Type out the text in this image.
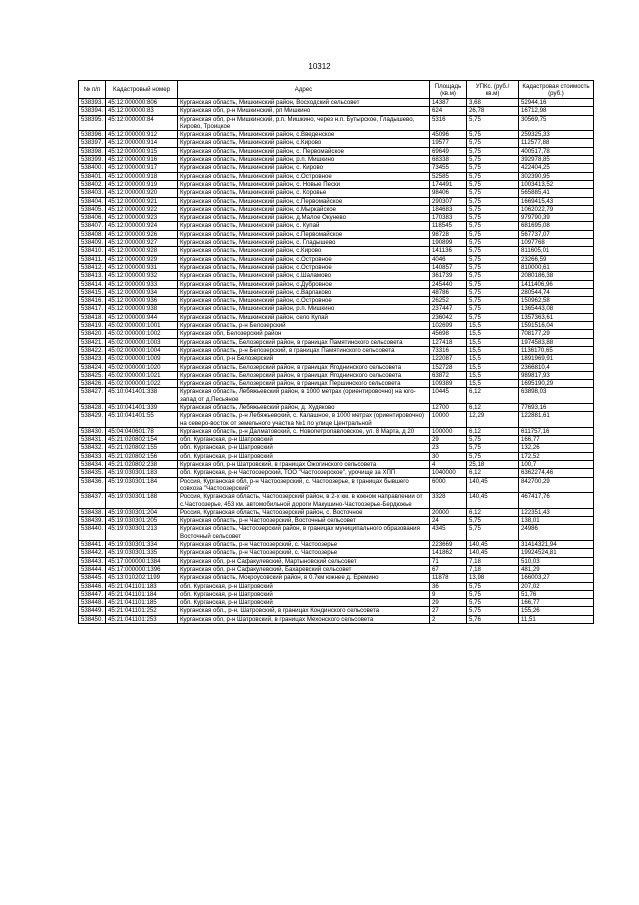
10312
№ п/п	Кадастровый номер	Адрес	Площадь (кв.м)	УПКс. (руб./кв.м)	Кадастровая стоимость (руб.)
538393.	45:12:000000:806	Курганская область, Мишкинский район, Восходский сельсовет	14387	3,68	52944,16
538394.	45:12:000000:83	Курганская обл, р-н Мишкинский, рп Мишкино	624	26,78	16712,98
538395.	45:12:000000:84	Курганская обл, р-н Мишкинский, р.п. Мишкино, через н.п. Бутырское, Гладышево, Кирово, Троицкое	5316	5,75	30569,75
538396.	45:12:000000:912	Курганская область, Мишкинский район, с.Введенское	45096	5,75	259325,33
538397.	45:12:000000:914	Курганская область, Мишкинский район, с.Кирово	19577	5,75	112577,88
538398.	45:12:000000:915	Курганская область, Мишкинский район, с. Первомайское	69649	5,75	400517,78
538399.	45:12:000000:916	Курганская область, Мишкинский район, р.п. Мишкино	68338	5,75	392978,85
538400.	45:12:000000:917	Курганская область, Мишкинский район, с. Кирово	73455	5,75	422404,25
538401.	45:12:000000:918	Курганская область, Мишкинский район, с.Островное	52585	5,75	302390,95
538402.	45:12:000000:919	Курганская область, Мишкинский район, с. Новые Пески	174491	5,75	1003413,52
538403.	45:12:000000:920	Курганская область, Мишкинский район, с. Коровье	98406	5,75	565885,41
538404.	45:12:000000:921	Курганская область, Мишкинский район, с.Первомайское	290307	5,75	1669415,43
538405.	45:12:000000:922	Курганская область, Мишкинский район, с.Мыркайское	184683	5,75	1062022,79
538406.	45:12:000000:923	Курганская область, Мишкинский район, д.Малое Окунево	170383	5,75	979790,39
538407.	45:12:000000:924	Курганская область, Мишкинский район, с. Купай	118545	5,75	681695,08
538408.	45:12:000000:926	Курганская область, Мишкинский район, с.Первомайское	98728	5,75	567737,07
538409.	45:12:000000:927	Курганская область, Мишкинский район, с. Гладышево	190899	5,75	1097768
538410.	45:12:000000:928	Курганская область, Мишкинский район, с.Кирово	141136	5,75	811605,01
538411.	45:12:000000:929	Курганская область, Мишкинский район, с.Островное	4046	5,75	23266,59
538412.	45:12:000000:931	Курганская область, Мишкинский район, с.Островное	140857	5,75	810000,61
538413.	45:12:000000:932	Курганская область, Мишкинский район, с.Шаламово	361739	5,75	2080186,38
538414.	45:12:000000:933	Курганская область, Мишкинский район, с.Дубровное	245440	5,75	1411406,96
538415.	45:12:000000:934	Курганская область, Мишкинский район, с.Варлаково	48786	5,75	280544,74
538416.	45:12:000000:936	Курганская область, Мишкинский район, с.Островное	26252	5,75	150962,58
538417.	45:12:000000:938	Курганская область, Мишкинский район, р.п. Мишкино	237447	5,75	1365443,08
538418.	45:12:000000:944	Курганская область, Мишкинский район, село Купай	236042	5,75	1357363,61
538419.	45:02:000000:1001	Курганская область, р-н Белозерский	102699	15,5	1591516,04
538420.	45:02:000000:1002	Курганская обл, Белозерский район	45698	15,5	708177,29
538421.	45:02:000000:1003	Курганская область, Белозерский район, в границах Памятинского сельсовета	127418	15,5	1974583,88
538422.	45:02:000000:1004	Курганская область, р-н Белозерский, в границах Памятинского сельсовета	73316	15,5	1136170,65
538423.	45:02:000000:1009	Курганская обл, р-н Белозерский	122087	15,5	1891969,91
538424.	45:02:000000:1020	Курганская область, Белозерский район, в границах Ягоднинского сельсовета	152728	15,5	2366810,4
538425.	45:02:000000:1021	Курганская область, Белозерский район, в границах Ягоднинского сельсовета	63872	15,5	989817,93
538426.	45:02:000000:1022	Курганская область, Белозерский район, в границах Першинского сельсовета	109389	15,5	1695190,29
538427.	45:10:041401:338	Курганская область, Лебяжьевский район, в 1000 метрах (ориентировочно) на юго-запад от д.Песьяное	10445	6,12	63898,03
538428.	45:10:041401:339	Курганская область, Лебяжьевский район, д. Худяково	12700	6,12	77693,16
538429.	45:10:041401:55	Курганская область, р-н Лебяжьевский, с. Калашное, в 1000 метрах (ориентировочно) на северо-восток от земельного участка №1 по улице Центральной	10000	12,29	122881,61
538430.	45:04:040601:78	Курганская область, р-н Далматовский, с. Новопетропавловское, ул. 8 Марта, д 20	100000	6,12	611757,16
538431.	45:21:020802:154	обл. Курганская, р-н Шатровский	29	5,75	166,77
538432.	45:21:020802:155	обл. Курганская, р-н Шатровский	23	5,75	132,26
538433.	45:21:020802:156	обл. Курганская, р-н Шатровский	30	5,75	172,52
538434.	45:21:020802:238	Курганская обл, р-н Шатровский, в границах Ожогинского сельсовета	4	25,18	100,7
538435.	45:19:030301:183	обл. Курганская, р-н Частоозерский, ТОО "Частоозерское", урочище за ХПП	1040000	6,12	6362274,46
538436.	45:19:030301:184	Россия, Курганская обл, р-н Частоозерский, с. Частоозерье, в границах бывшего совхоза "Частоозерский"	6000	140,45	842700,29
538437.	45:19:030301:188	Россия, Курганская область, Частоозерский район, в 2-х км. в южном направлении от с.Частоозерье, 453 км. автомобильной дороги Макушино-Частоозерье-Бердюжье	3328	140,45	467417,76
538438.	45:19:030301:204	Россия, Курганская область, Частоозерский район, с. Восточное	20000	6,12	122351,43
538439.	45:19:030301:205	Курганская область, р-н Частоозерский, Восточный сельсовет	24	5,75	138,01
538440.	45:19:030301:213	Курганская область, Частоозерский район, в границах муниципального образования Восточный сельсовет	4345	5,75	24986
538441.	45:19:030301:334	Курганская область, р-н Частоозерский, с. Частоозерье	223669	140,45	31414321,94
538442.	45:19:030301:335	Курганская область, р-н Частоозерский, с. Частоозерье	141862	140,45	19924524,81
538443.	45:17:000000:1384	Курганская обл, р-н Сафакулевский, Мартыновский сельсовет	71	7,18	510,03
538444.	45:17:000000:1396	Курганская обл, р-н Сафакулевский, Бахаревский сельсовет	67	7,18	481,29
538445.	45:13:010202:1199	Курганская область, Мокроусовский район, в 0.7км южнее д. Еремино	11878	13,98	166003,27
538446.	45:21:041101:183	обл. Курганская, р-н Шатровский	36	5,75	207,02
538447.	45:21:041101:184	обл. Курганская, р-н Шатровский	9	5,75	51,76
538448.	45:21:041101:185	обл. Курганская, р-н Шатровский	29	5,75	166,77
538449.	45:21:041101:252	Курганская обл., р-н. Шатровский, в границах Кондинского сельсовета	27	5,75	155,26
538450.	45:21:041101:253	Курганская обл, р-н Шатровский, в границах Мехонского сельсовета	2	5,76	11,51
